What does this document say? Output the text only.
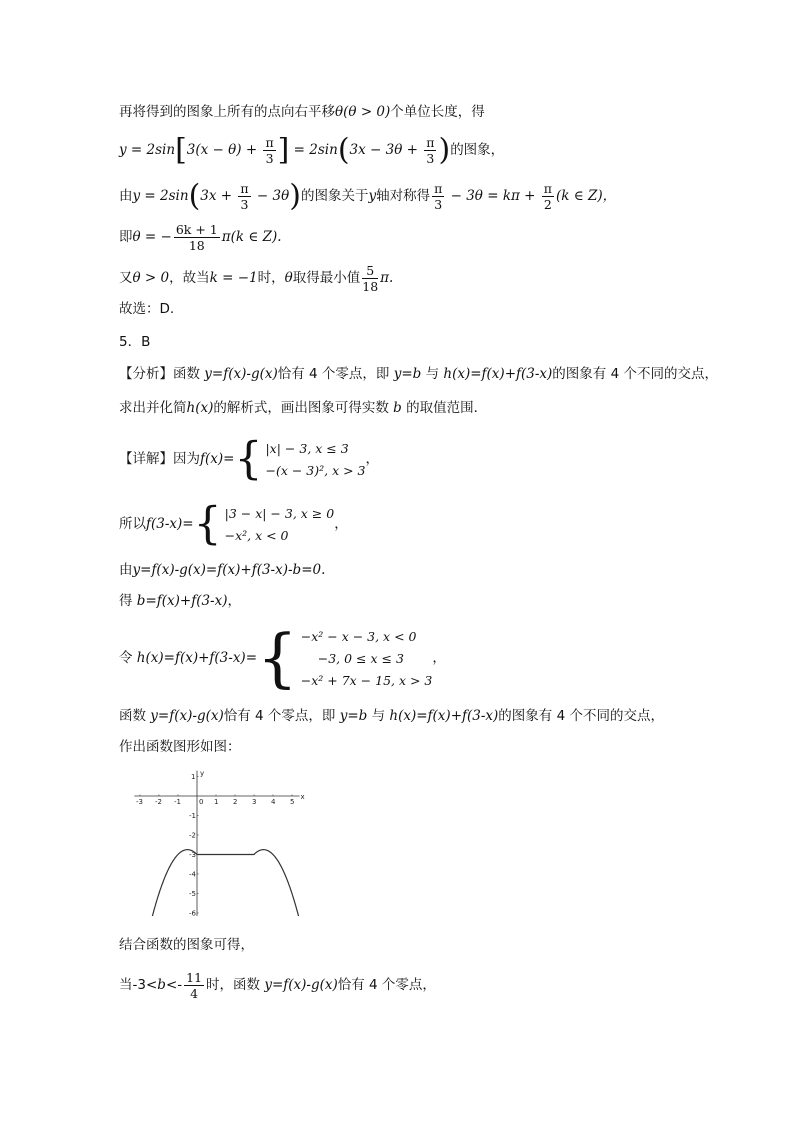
再将得到的图象上所有的点向右平移θ(θ > 0)个单位长度，得
$y = 2\sin[3(x - \theta) + \frac{\pi}{3}$ ] = $2\sin(3x - 3\theta + \frac{\pi}{3}$ )的图象，
由$y = 2\sin(3x + \frac{\pi}{3} - 3\theta)$的图象关于y轴对称得 $\frac{\pi}{3} - 3\theta = k\pi + \frac{\pi}{2} (k$ ∈ Z)，
即θ = − $\frac{6k + 1}{18} \pi(k$ ∈ Z).
又θ > 0，故当k = −1时，θ取得最小值 $\frac{5}{18} \pi$.
故选：D.
5．B
【分析】函数 y=f(x)-g(x)恰有 4 个零点，即 y=b 与 h(x)=f(x)+f(3-x)的图象有 4 个不同的交点，
求出并化简h(x)的解析式，画出图象可得实数 b 的取值范围．
【详解】因为f(x)={ |x| − 3, x ≤ 3
−(x − 3)², x > 3
，
所以f(3-x)={ |3 − x| − 3, x ≥ 0
−x², x < 0
，
由y=f(x)-g(x)=f(x)+f(3-x)-b=0.
得 b=f(x)+f(3-x)，
令 h(x)=f(x)+f(3-x)={ −x² − x − 3, x < 0
−3, 0 ≤ x ≤ 3
−x² + 7x − 15, x > 3
，
函数 y=f(x)-g(x)恰有 4 个零点，即 y=b 与 h(x)=f(x)+f(3-x)的图象有 4 个不同的交点，
作出函数图形如图：
x
y
0
-3 -2 -1	1 2 3 4 5
1
-1
-2
-3
-4
-5
-6
结合函数的图象可得，
当$-3<b<- \frac{11}{4}$ 时，函数 y=f(x)-g(x)恰有 4 个零点，
